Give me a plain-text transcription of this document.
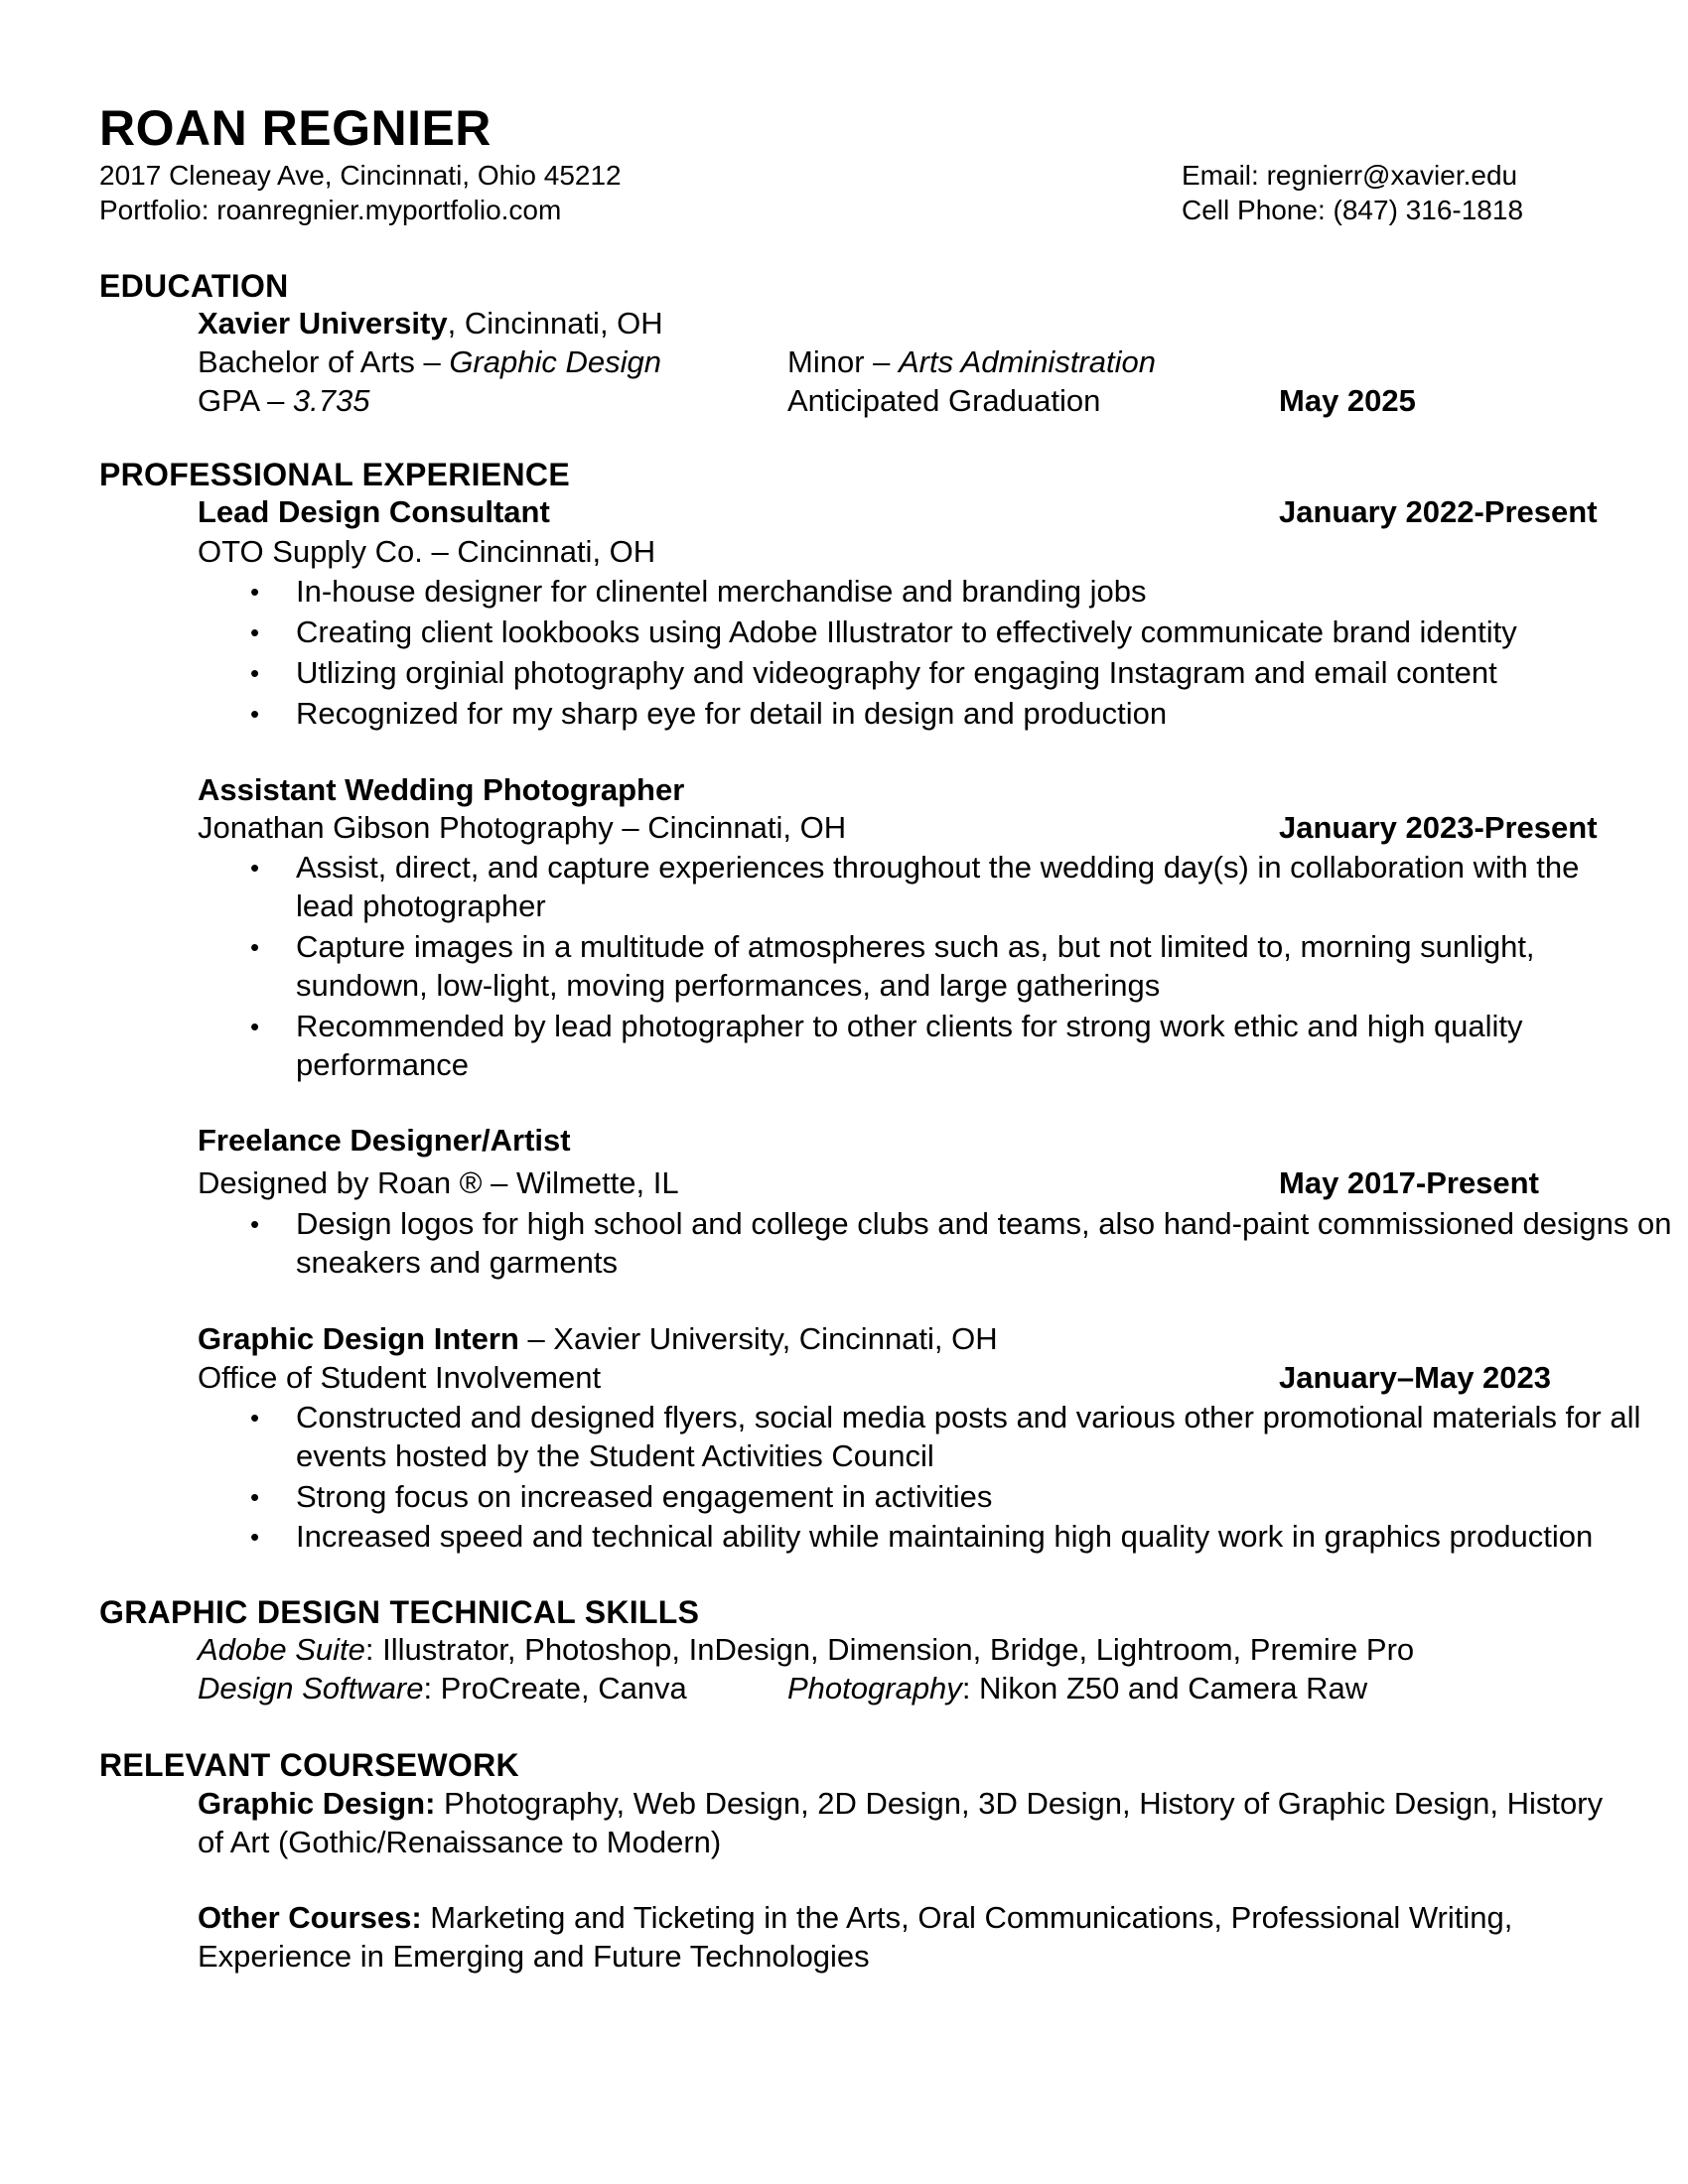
ROAN REGNIER
2017 Cleneay Ave, Cincinnati, Ohio 45212
Portfolio: roanregnier.myportfolio.com
Email: regnierr@xavier.edu
Cell Phone: (847) 316-1818
EDUCATION
Xavier University, Cincinnati, OH
Bachelor of Arts – Graphic Design	Minor – Arts Administration
GPA – 3.735	Anticipated Graduation	May 2025
PROFESSIONAL EXPERIENCE
Lead Design Consultant	January 2022-Present
OTO Supply Co. – Cincinnati, OH
• In-house designer for clinentel merchandise and branding jobs
• Creating client lookbooks using Adobe Illustrator to effectively communicate brand identity
• Utlizing orginial photography and videography for engaging Instagram and email content
• Recognized for my sharp eye for detail in design and production
Assistant Wedding Photographer
Jonathan Gibson Photography – Cincinnati, OH	January 2023-Present
• Assist, direct, and capture experiences throughout the wedding day(s) in collaboration with the
lead photographer
• Capture images in a multitude of atmospheres such as, but not limited to, morning sunlight,
sundown, low-light, moving performances, and large gatherings
• Recommended by lead photographer to other clients for strong work ethic and high quality
performance
Freelance Designer/Artist
Designed by Roan ® – Wilmette, IL	May 2017-Present
• Design logos for high school and college clubs and teams, also hand-paint commissioned designs on
sneakers and garments
Graphic Design Intern – Xavier University, Cincinnati, OH
Office of Student Involvement	January–May 2023
• Constructed and designed flyers, social media posts and various other promotional materials for all
events hosted by the Student Activities Council
• Strong focus on increased engagement in activities
• Increased speed and technical ability while maintaining high quality work in graphics production
GRAPHIC DESIGN TECHNICAL SKILLS
Adobe Suite: Illustrator, Photoshop, InDesign, Dimension, Bridge, Lightroom, Premire Pro
Design Software: ProCreate, Canva	Photography: Nikon Z50 and Camera Raw
RELEVANT COURSEWORK
Graphic Design: Photography, Web Design, 2D Design, 3D Design, History of Graphic Design, History
of Art (Gothic/Renaissance to Modern)
Other Courses: Marketing and Ticketing in the Arts, Oral Communications, Professional Writing,
Experience in Emerging and Future Technologies
